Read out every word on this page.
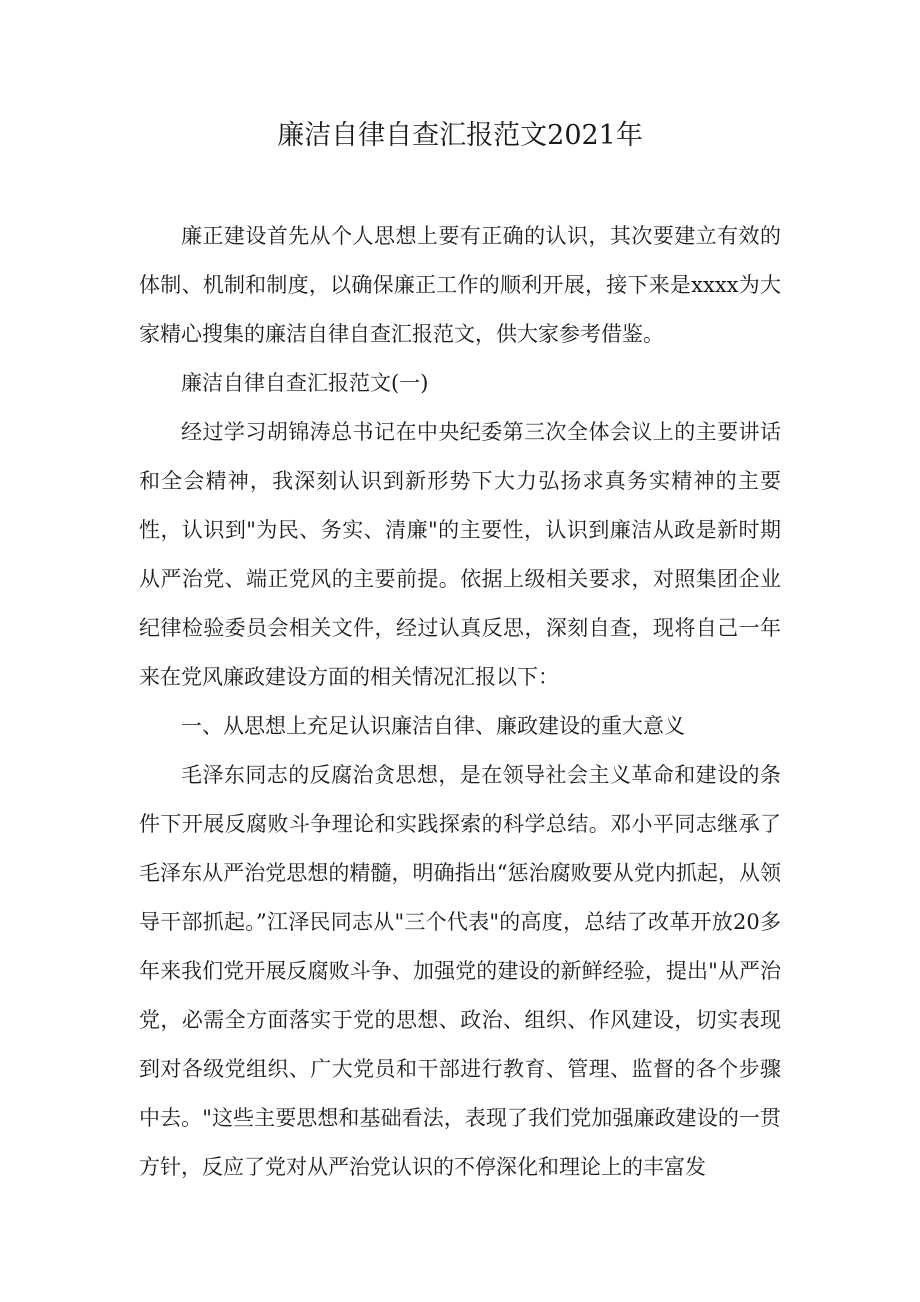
廉洁自律自查汇报范文2021年

廉正建设首先从个人思想上要有正确的认识，其次要建立有效的体制、机制和制度，以确保廉正工作的顺利开展，接下来是xxxx为大家精心搜集的廉洁自律自查汇报范文，供大家参考借鉴。

廉洁自律自查汇报范文(一)

经过学习胡锦涛总书记在中央纪委第三次全体会议上的主要讲话和全会精神，我深刻认识到新形势下大力弘扬求真务实精神的主要性，认识到"为民、务实、清廉"的主要性，认识到廉洁从政是新时期从严治党、端正党风的主要前提。依据上级相关要求，对照集团企业纪律检验委员会相关文件，经过认真反思，深刻自查，现将自己一年来在党风廉政建设方面的相关情况汇报以下：

一、从思想上充足认识廉洁自律、廉政建设的重大意义

毛泽东同志的反腐治贪思想，是在领导社会主义革命和建设的条件下开展反腐败斗争理论和实践探索的科学总结。邓小平同志继承了毛泽东从严治党思想的精髓，明确指出“惩治腐败要从党内抓起，从领导干部抓起。”江泽民同志从"三个代表"的高度，总结了改革开放20多年来我们党开展反腐败斗争、加强党的建设的新鲜经验，提出"从严治党，必需全方面落实于党的思想、政治、组织、作风建设，切实表现到对各级党组织、广大党员和干部进行教育、管理、监督的各个步骤中去。"这些主要思想和基础看法，表现了我们党加强廉政建设的一贯方针，反应了党对从严治党认识的不停深化和理论上的丰富发
